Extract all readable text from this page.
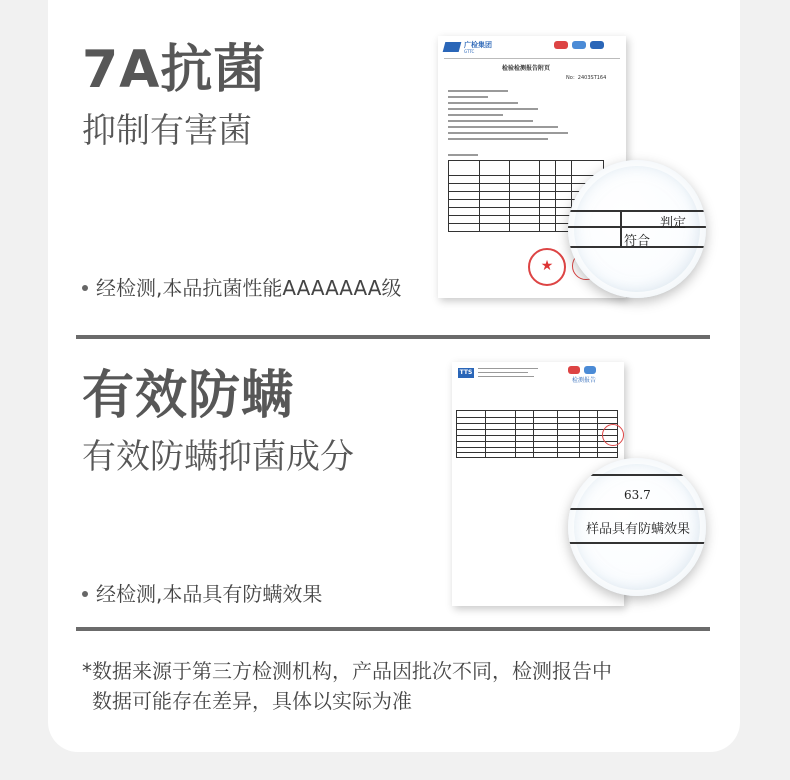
7A抗菌
抑制有害菌
经检测,本品抗菌性能AAAAAAA级
广检集团
GTTC
检验检测报告附页
No：2403ST164
★
判定
符合
有效防螨
有效防螨抑菌成分
经检测,本品具有防螨效果
TTS
检测报告
63.7
样品具有防螨效果
*数据来源于第三方检测机构，产品因批次不同，检测报告中
数据可能存在差异，具体以实际为准
